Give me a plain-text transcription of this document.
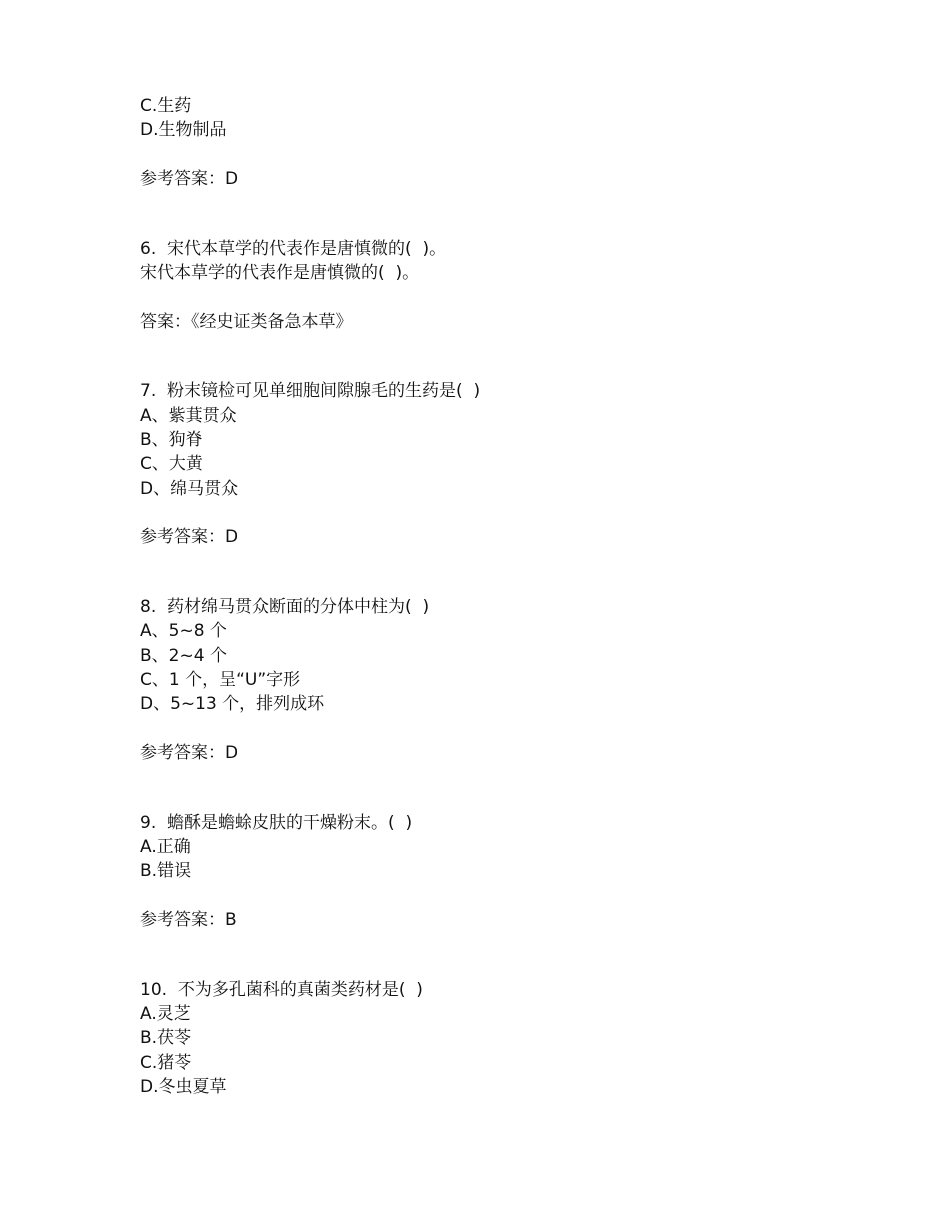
C.生药
D.生物制品
参考答案：D
6.  宋代本草学的代表作是唐慎微的(  )。
宋代本草学的代表作是唐慎微的(  )。
答案：《经史证类备急本草》
7.  粉末镜检可见单细胞间隙腺毛的生药是(  )
A、紫萁贯众
B、狗脊
C、大黄
D、绵马贯众
参考答案：D
8.  药材绵马贯众断面的分体中柱为(  )
A、5~8 个
B、2~4 个
C、1 个，呈“U”字形
D、5~13 个，排列成环
参考答案：D
9.  蟾酥是蟾蜍皮肤的干燥粉末。(  )
A.正确
B.错误
参考答案：B
10.  不为多孔菌科的真菌类药材是(  )
A.灵芝
B.茯苓
C.猪苓
D.冬虫夏草
